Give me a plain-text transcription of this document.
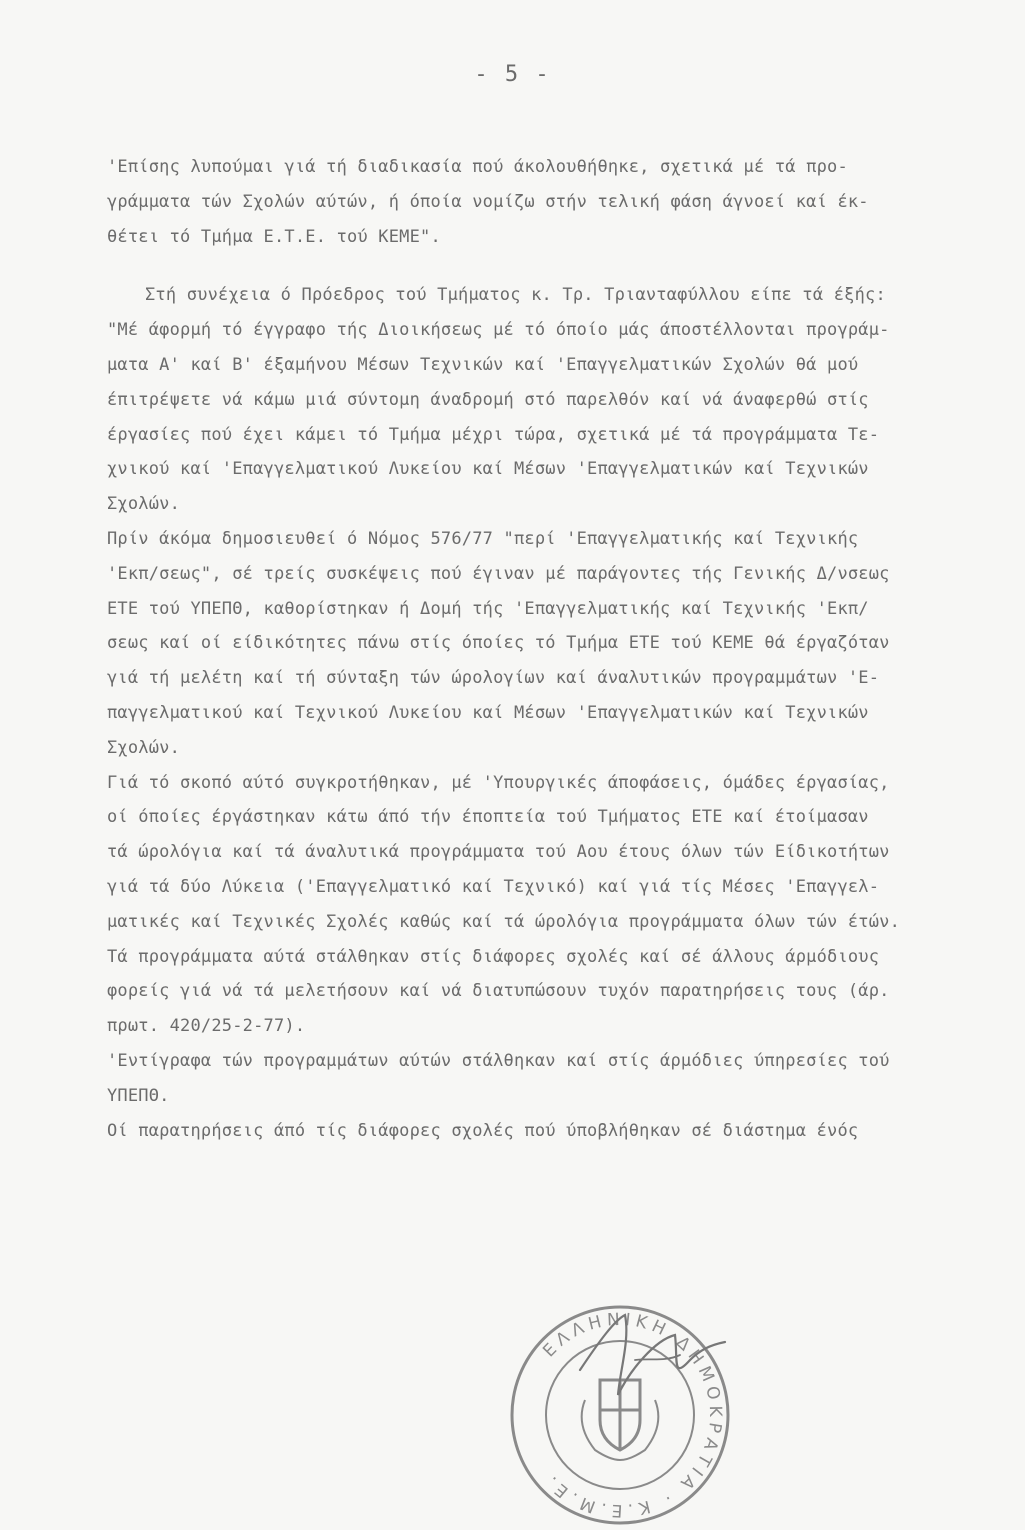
- 5 -
'Επίσης λυπούμαι γιά τή διαδικασία πού άκολουθήθηκε, σχετικά μέ τά προ-
γράμματα τών Σχολών αύτών, ή όποία νομίζω στήν τελική φάση άγνοεί καί έκ-
θέτει τό Τμήμα Ε.Τ.Ε. τού ΚΕΜΕ".
Στή συνέχεια ό Πρόεδρος τού Τμήματος κ. Τρ. Τριανταφύλλου είπε τά έξής:
"Μέ άφορμή τό έγγραφο τής Διοικήσεως μέ τό όποίο μάς άποστέλλονται προγράμ-
ματα Α' καί Β' έξαμήνου Μέσων Τεχνικών καί 'Επαγγελματικών Σχολών θά μού
έπιτρέψετε νά κάμω μιά σύντομη άναδρομή στό παρελθόν καί νά άναφερθώ στίς
έργασίες πού έχει κάμει τό Τμήμα μέχρι τώρα, σχετικά μέ τά προγράμματα Τε-
χνικού καί 'Επαγγελματικού Λυκείου καί Μέσων 'Επαγγελματικών καί Τεχνικών
Σχολών.
Πρίν άκόμα δημοσιευθεί ό Νόμος 576/77 "περί 'Επαγγελματικής καί Τεχνικής
'Εκπ/σεως", σέ τρείς συσκέψεις πού έγιναν μέ παράγοντες τής Γενικής Δ/νσεως
ΕΤΕ τού ΥΠΕΠΘ, καθορίστηκαν ή Δομή τής 'Επαγγελματικής καί Τεχνικής 'Εκπ/
σεως καί οί είδικότητες πάνω στίς όποίες τό Τμήμα ΕΤΕ τού ΚΕΜΕ θά έργαζόταν
γιά τή μελέτη καί τή σύνταξη τών ώρολογίων καί άναλυτικών προγραμμάτων 'Ε-
παγγελματικού καί Τεχνικού Λυκείου καί Μέσων 'Επαγγελματικών καί Τεχνικών
Σχολών.
Γιά τό σκοπό αύτό συγκροτήθηκαν, μέ 'Υπουργικές άποφάσεις, όμάδες έργασίας,
οί όποίες έργάστηκαν κάτω άπό τήν έποπτεία τού Τμήματος ΕΤΕ καί έτοίμασαν
τά ώρολόγια καί τά άναλυτικά προγράμματα τού Αου έτους όλων τών Είδικοτήτων
γιά τά δύο Λύκεια ('Επαγγελματικό καί Τεχνικό) καί γιά τίς Μέσες 'Επαγγελ-
ματικές καί Τεχνικές Σχολές καθώς καί τά ώρολόγια προγράμματα όλων τών έτών.
Τά προγράμματα αύτά στάλθηκαν στίς διάφορες σχολές καί σέ άλλους άρμόδιους
φορείς γιά νά τά μελετήσουν καί νά διατυπώσουν τυχόν παρατηρήσεις τους (άρ.
πρωτ. 420/25-2-77).
'Εντίγραφα τών προγραμμάτων αύτών στάλθηκαν καί στίς άρμόδιες ύπηρεσίες τού
ΥΠΕΠΘ.
Οί παρατηρήσεις άπό τίς διάφορες σχολές πού ύποβλήθηκαν σέ διάστημα ένός
ΕΛΛΗΝΙΚΗ ΔΗΜΟΚΡΑΤΙΑ · Κ.Ε.Μ.Ε.
